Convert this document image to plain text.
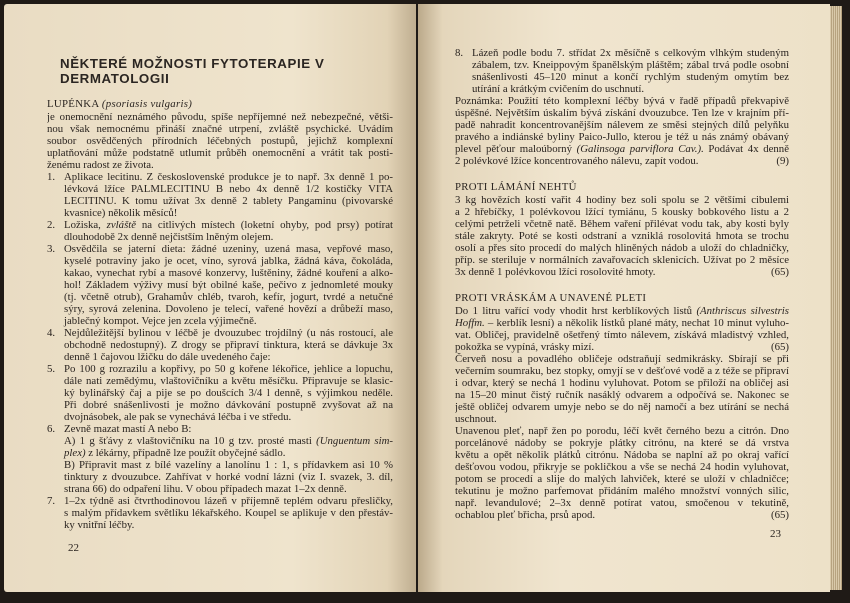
NĚKTERÉ MOŽNOSTI FYTOTERAPIE V DERMATOLOGII
LUPÉNKA (psoriasis vulgaris)
je onemocnění neznámého původu, spíše nepříjemné než nebezpečné, větši-
nou však nemocnému přináší značné utrpení, zvláště psychické. Uvádím
soubor osvědčených přírodních léčebných postupů, jejichž komplexní
uplatňování může podstatně utlumit průběh onemocnění a vrátit tak posti-
ženému radost ze života.
1. Aplikace lecitinu. Z československé produkce je to např. 3x denně 1 po-
lévková lžíce PALMLECITINU B nebo 4x denně 1/2 kostičky VITA
LECITINU. K tomu užívat 3x denně 2 tablety Pangaminu (pivovarské
kvasnice) několik měsíců!
2. Ložiska, zvláště na citlivých místech (loketní ohyby, pod prsy) potírat
dlouhodobě 2x denně nejčistším lněným olejem.
3. Osvědčila se jaterní dieta: žádné uzeniny, uzená masa, vepřové maso,
kyselé potraviny jako je ocet, víno, syrová jablka, žádná káva, čokoláda,
kakao, vynechat rybí a masové konzervy, luštěniny, žádné kouření a alko-
hol! Základem výživy musí být obilné kaše, pečivo z jednomleté mouky
(tj. včetně otrub), Grahamův chléb, tvaroh, kefír, jogurt, tvrdé a netučné
sýry, syrová zelenina. Dovoleno je telecí, vařené hovězí a drůbeží maso,
jablečný kompot. Vejce jen zcela výjimečně.
4. Nejdůležitější bylinou v léčbě je dvouzubec trojdílný (u nás rostoucí, ale
obchodně nedostupný). Z drogy se připraví tinktura, která se dávkuje 3x
denně 1 čajovou lžičku do dále uvedeného čaje:
5. Po 100 g rozrazilu a kopřivy, po 50 g kořene lékořice, jehlice a lopuchu,
dále nati zemědýmu, vlaštovičníku a květu měsíčku. Připravuje se klasic-
ký bylinářský čaj a pije se po doušcích 3/4 l denně, s výjimkou neděle.
Při dobré snášenlivosti je možno dávkování postupně zvyšovat až na
dvojnásobek, ale pak se vynechává léčba i ve středu.
6. Zevně mazat mastí A nebo B:
A) 1 g šťávy z vlaštovičníku na 10 g tzv. prosté masti (Unguentum sim-
plex) z lékárny, případně lze použít obyčejné sádlo.
B) Připravit mast z bílé vazelíny a lanolínu 1 : 1, s přídavkem asi 10 %
tinktury z dvouzubce. Zahřívat v horké vodní lázni (viz I. svazek, 3. díl,
strana 66) do odpaření lihu. V obou případech mazat 1–2x denně.
7. 1–2x týdně asi čtvrthodinovou lázeň v příjemně teplém odvaru přesličky,
s malým přídavkem světlíku lékařského. Koupel se aplikuje v den přestáv-
ky vnitřní léčby.
22
8. Lázeň podle bodu 7. střídat 2x měsíčně s celkovým vlhkým studeným
zábalem, tzv. Kneippovým španělským pláštěm; zábal trvá podle osobní
snášenlivosti 45–120 minut a končí rychlým studeným omytím bez
utírání a krátkým cvičením do uschnutí.
Poznámka: Použití této komplexní léčby bývá v řadě případů překvapivě
úspěšné. Největším úskalím bývá získání dvouzubce. Ten lze v krajním pří-
padě nahradit koncentrovanějším nálevem ze směsi stejných dílů pelyňku
pravého a indiánské byliny Paico-Jullo, kterou je též u nás známý obávaný
plevel pěťour maloúborný (Galinsoga parviflora Cav.). Podávat 4x denně
(9)
2 polévkové lžíce koncentrovaného nálevu, zapít vodou.
PROTI LÁMÁNÍ NEHTŮ
3 kg hovězích kostí vařit 4 hodiny bez soli spolu se 2 většími cibulemi
a 2 hřebíčky, 1 polévkovou lžící tymiánu, 5 kousky bobkového listu a 2
celými petrželi včetně natě. Během vaření přilévat vodu tak, aby kosti byly
stále zakryty. Poté se kosti odstraní a vzniklá rosolovitá hmota se trochu
osolí a přes síto procedí do malých hliněných nádob a uloží do chladničky,
příp. se steriluje v normálních zavařovacích sklenicích. Užívat po 2 měsíce
(65)
3x denně 1 polévkovou lžíci rosolovité hmoty.
PROTI VRÁSKÁM A UNAVENÉ PLETI
Do 1 litru vařící vody vhodit hrst kerblíkových listů (Anthriscus silvestris
Hoffm. – kerblík lesní) a několik lístků plané máty, nechat 10 minut vyluho-
vat. Obličej, pravidelně ošetřený tímto nálevem, získává mladistvý vzhled,
(65)
pokožka se vypíná, vrásky mizí.
Červeň nosu a povadlého obličeje odstraňují sedmikrásky. Sbírají se při
večerním soumraku, bez stopky, omyjí se v dešťové vodě a z téže se připraví
i odvar, který se nechá 1 hodinu vyluhovat. Potom se přiloží na obličej asi
na 15–20 minut čistý ručník nasáklý odvarem a odpočívá se. Nakonec se
ještě obličej odvarem umyje nebo se do něj namočí a bez utírání se nechá
uschnout.
Unavenou pleť, např žen po porodu, léčí květ černého bezu a citrón. Dno
porcelánové nádoby se pokryje plátky citrónu, na které se dá vrstva
květu a opět několik plátků citrónu. Nádoba se naplní až po okraj vařící
dešťovou vodou, přikryje se pokličkou a vše se nechá 24 hodin vyluhovat,
potom se procedí a slije do malých lahviček, které se uloží v chladničce;
tekutinu je možno parfemovat přidáním malého množství vonných silic,
např. levandulové; 2–3x denně potírat vatou, smočenou v tekutině,
(65)
ochablou pleť břicha, prsů apod.
23
